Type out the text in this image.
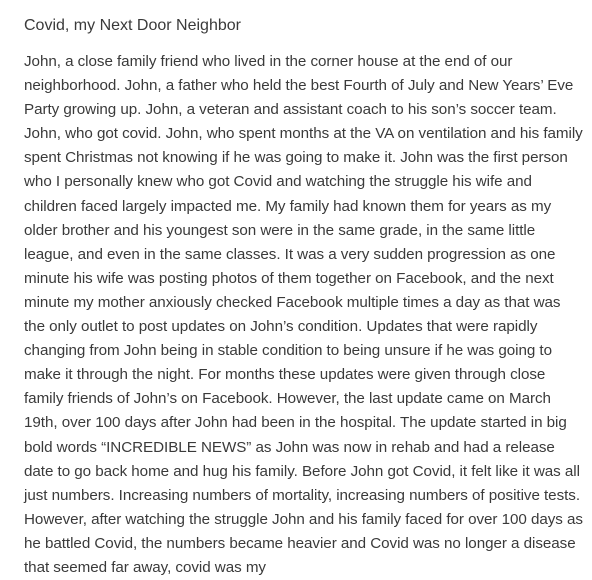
Covid, my Next Door Neighbor

John, a close family friend who lived in the corner house at the end of our neighborhood. John, a father who held the best Fourth of July and New Years’ Eve Party growing up. John, a veteran and assistant coach to his son’s soccer team. John, who got covid. John, who spent months at the VA on ventilation and his family spent Christmas not knowing if he was going to make it. John was the first person who I personally knew who got Covid and watching the struggle his wife and children faced largely impacted me. My family had known them for years as my older brother and his youngest son were in the same grade, in the same little league, and even in the same classes. It was a very sudden progression as one minute his wife was posting photos of them together on Facebook, and the next minute my mother anxiously checked Facebook multiple times a day as that was the only outlet to post updates on John’s condition. Updates that were rapidly changing from John being in stable condition to being unsure if he was going to make it through the night. For months these updates were given through close family friends of John’s on Facebook. However, the last update came on March 19th, over 100 days after John had been in the hospital. The update started in big bold words “INCREDIBLE NEWS” as John was now in rehab and had a release date to go back home and hug his family. Before John got Covid, it felt like it was all just numbers. Increasing numbers of mortality, increasing numbers of positive tests. However, after watching the struggle John and his family faced for over 100 days as he battled Covid, the numbers became heavier and Covid was no longer a disease that seemed far away, covid was my
